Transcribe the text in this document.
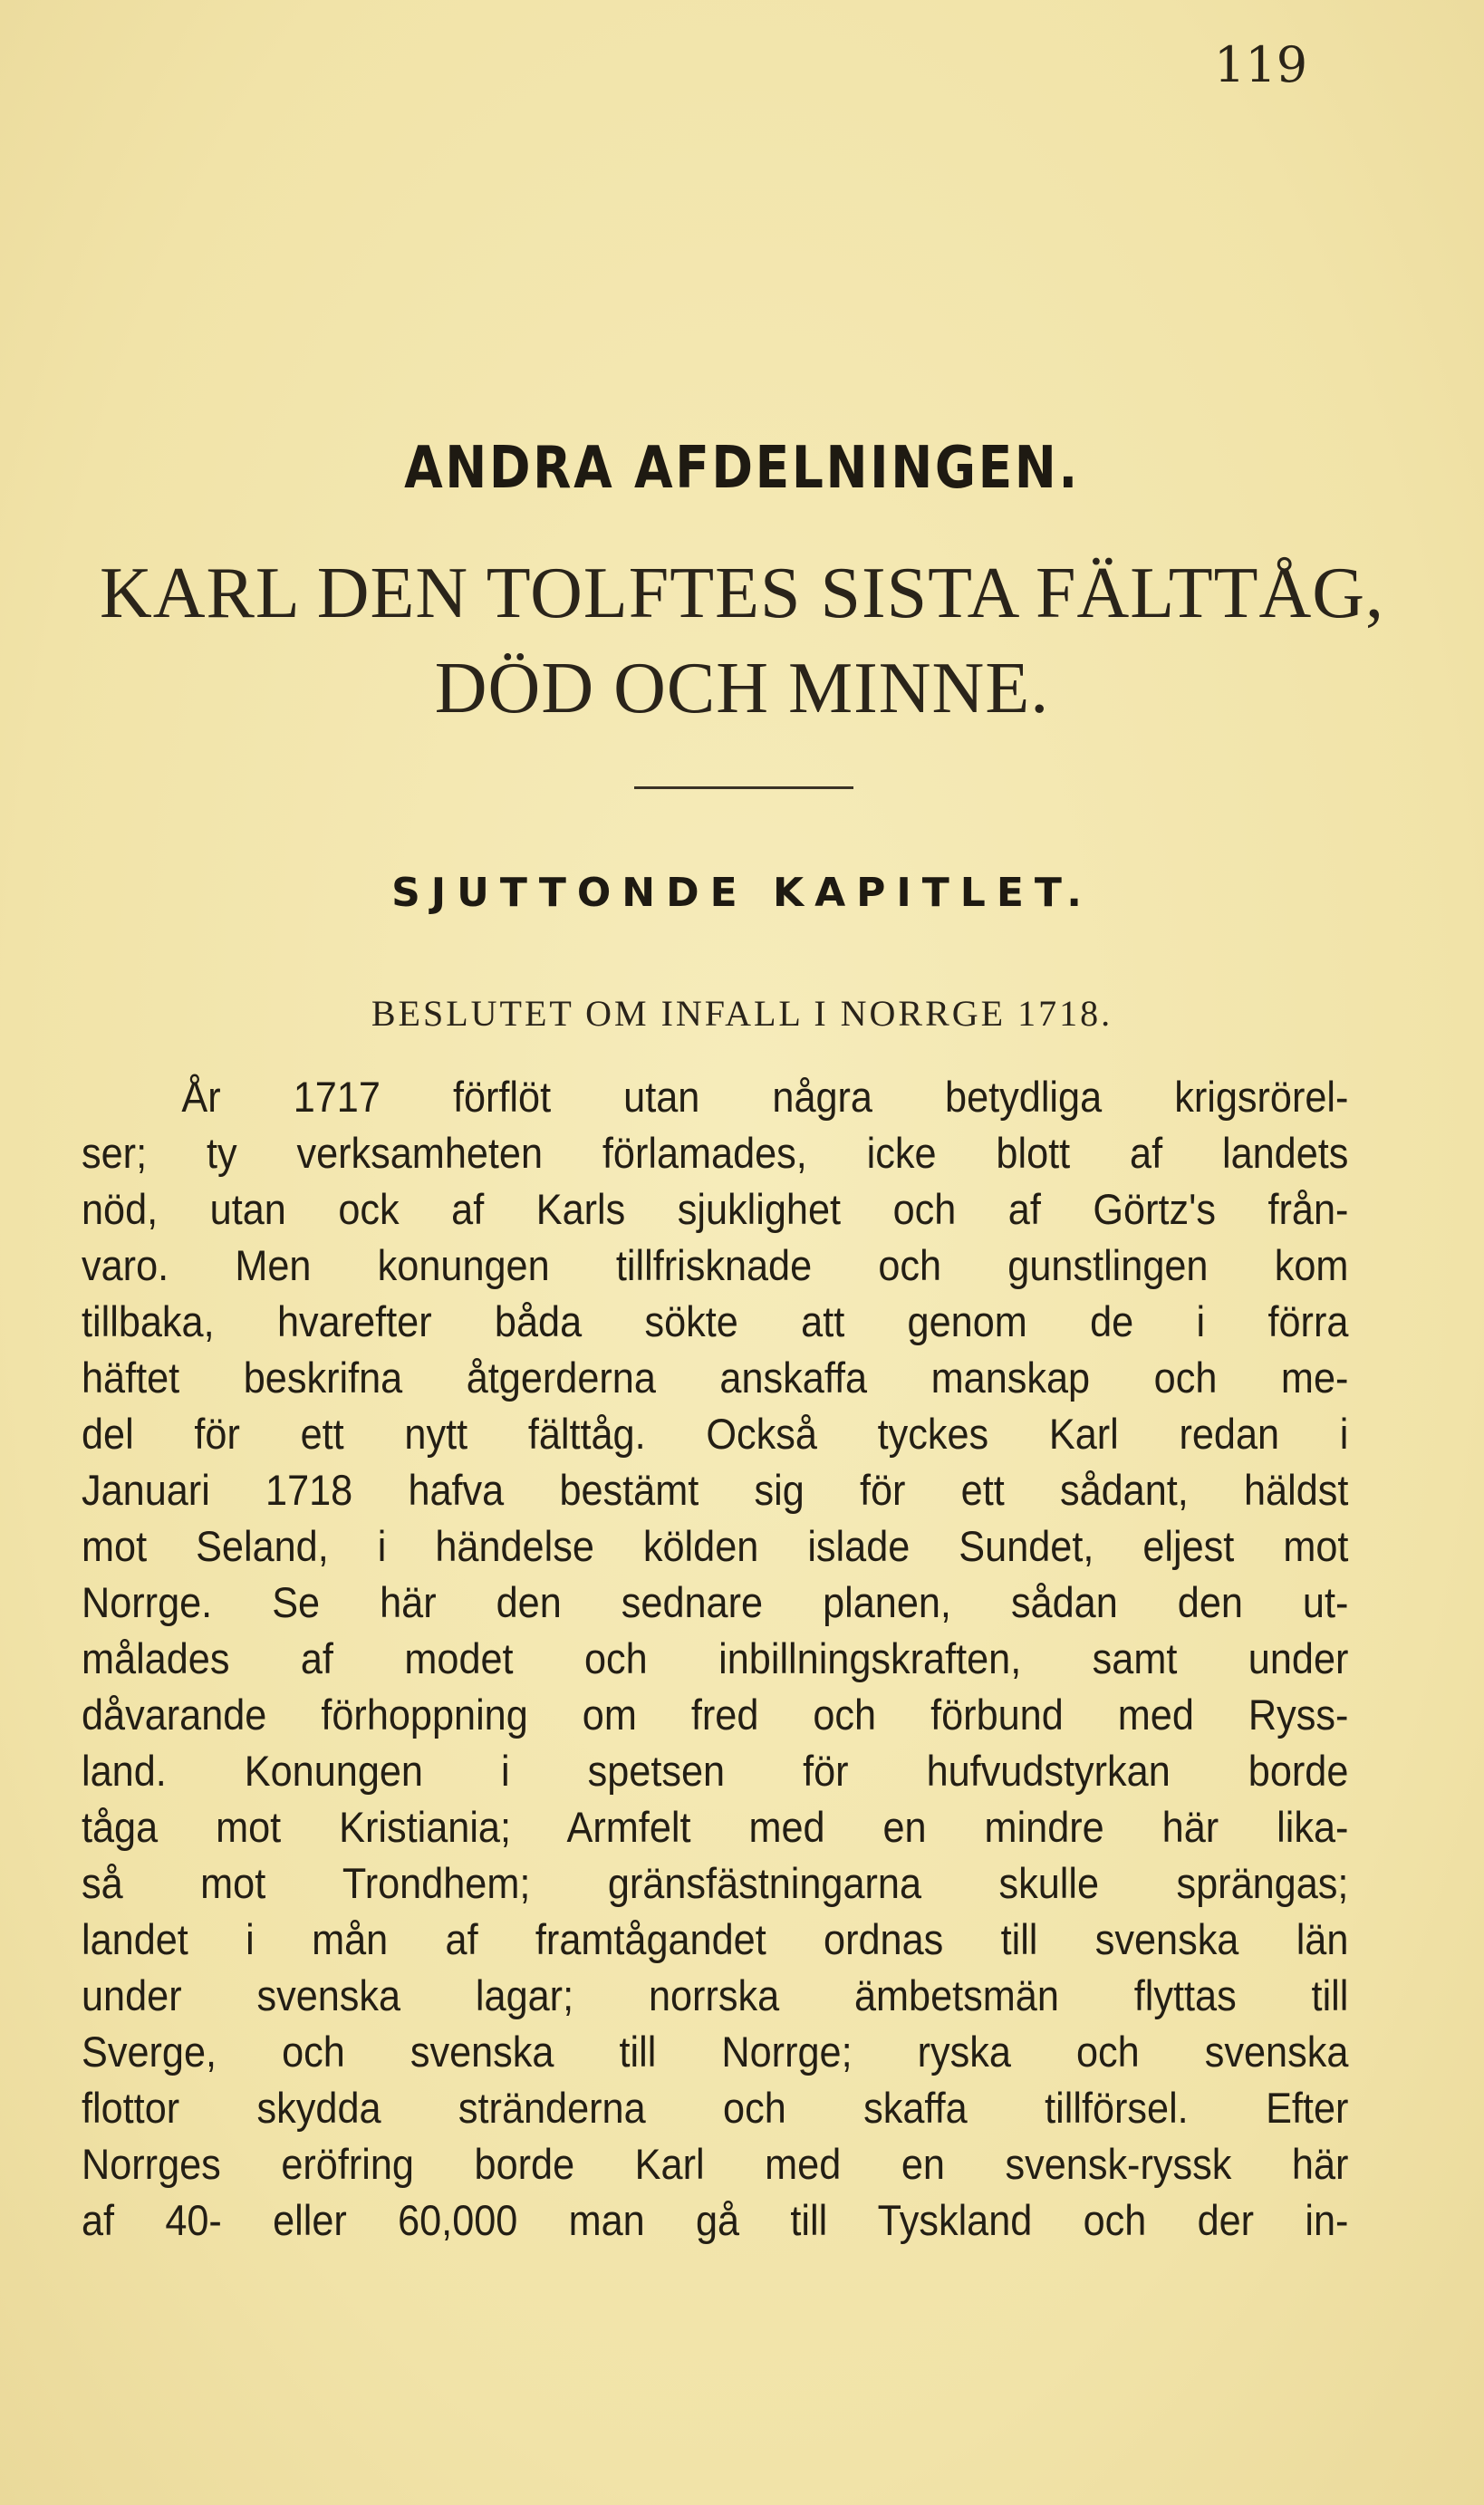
119
ANDRA AFDELNINGEN.
KARL DEN TOLFTES SISTA FÄLTTÅG,
DÖD OCH MINNE.
SJUTTONDE KAPITLET.
BESLUTET OM INFALL I NORRGE 1718.
År 1717 förflöt utan några betydliga krigsrörel-
ser; ty verksamheten förlamades, icke blott af landets
nöd, utan ock af Karls sjuklighet och af Görtz's från-
varo. Men konungen tillfrisknade och gunstlingen kom
tillbaka, hvarefter båda sökte att genom de i förra
häftet beskrifna åtgerderna anskaffa manskap och me-
del för ett nytt fälttåg. Också tyckes Karl redan i
Januari 1718 hafva bestämt sig för ett sådant, häldst
mot Seland, i händelse kölden islade Sundet, eljest mot
Norrge. Se här den sednare planen, sådan den ut-
målades af modet och inbillningskraften, samt under
dåvarande förhoppning om fred och förbund med Ryss-
land. Konungen i spetsen för hufvudstyrkan borde
tåga mot Kristiania; Armfelt med en mindre här lika-
så mot Trondhem; gränsfästningarna skulle sprängas;
landet i mån af framtågandet ordnas till svenska län
under svenska lagar; norrska ämbetsmän flyttas till
Sverge, och svenska till Norrge; ryska och svenska
flottor skydda stränderna och skaffa tillförsel. Efter
Norrges eröfring borde Karl med en svensk-ryssk här
af 40- eller 60,000 man gå till Tyskland och der in-
